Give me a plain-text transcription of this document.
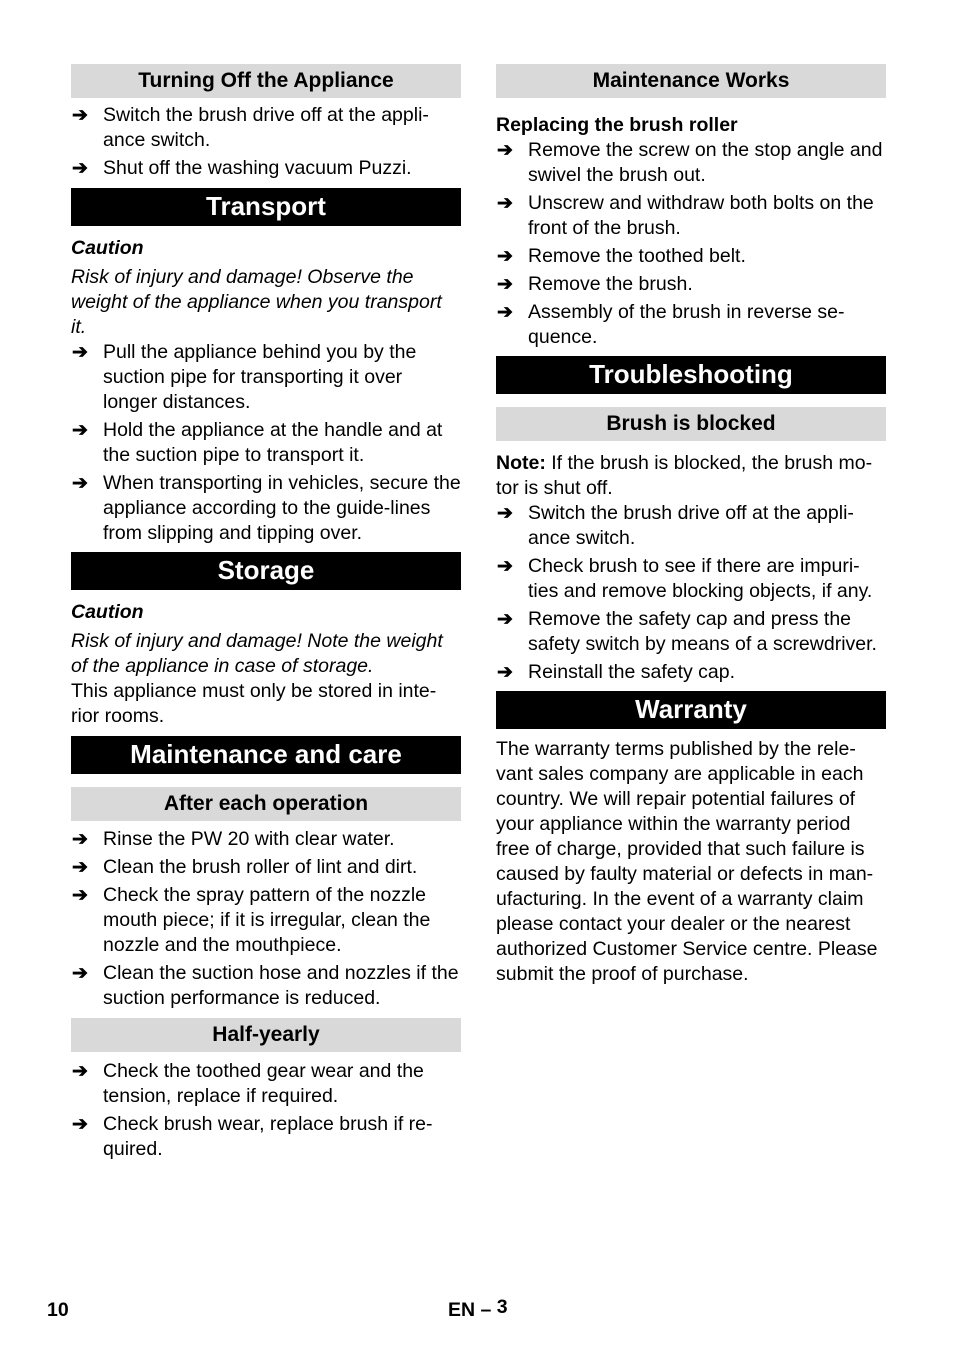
Turning Off the Appliance
➔ Switch the brush drive off at the appli-ance switch.
➔ Shut off the washing vacuum Puzzi.
Transport

Caution

Risk of injury and damage! Observe the weight of the appliance when you transport it.

➔ Pull the appliance behind you by the suction pipe for transporting it over longer distances.
➔ Hold the appliance at the handle and at the suction pipe to transport it.
➔ When transporting in vehicles, secure the appliance according to the guide-lines from slipping and tipping over.
Storage

Caution

Risk of injury and damage! Note the weight of the appliance in case of storage.

This appliance must only be stored in inte-rior rooms.

Maintenance and care
After each operation
➔ Rinse the PW 20 with clear water.
➔ Clean the brush roller of lint and dirt.
➔ Check the spray pattern of the nozzle mouth piece; if it is irregular, clean the nozzle and the mouthpiece.
➔ Clean the suction hose and nozzles if the suction performance is reduced.
Half-yearly
➔ Check the toothed gear wear and the tension, replace if required.
➔ Check brush wear, replace brush if re-quired.
Maintenance Works

Replacing the brush roller

➔ Remove the screw on the stop angle and swivel the brush out.
➔ Unscrew and withdraw both bolts on the front of the brush.
➔ Remove the toothed belt.
➔ Remove the brush.
➔ Assembly of the brush in reverse se-quence.
Troubleshooting
Brush is blocked

Note: If the brush is blocked, the brush mo-tor is shut off.

➔ Switch the brush drive off at the appli-ance switch.
➔ Check brush to see if there are impuri-ties and remove blocking objects, if any.
➔ Remove the safety cap and press the safety switch by means of a screwdriver.
➔ Reinstall the safety cap.
Warranty

The warranty terms published by the rele-vant sales company are applicable in each country. We will repair potential failures of your appliance within the warranty period free of charge, provided that such failure is caused by faulty material or defects in man-ufacturing. In the event of a warranty claim please contact your dealer or the nearest authorized Customer Service centre. Please submit the proof of purchase.

10	EN – 3
